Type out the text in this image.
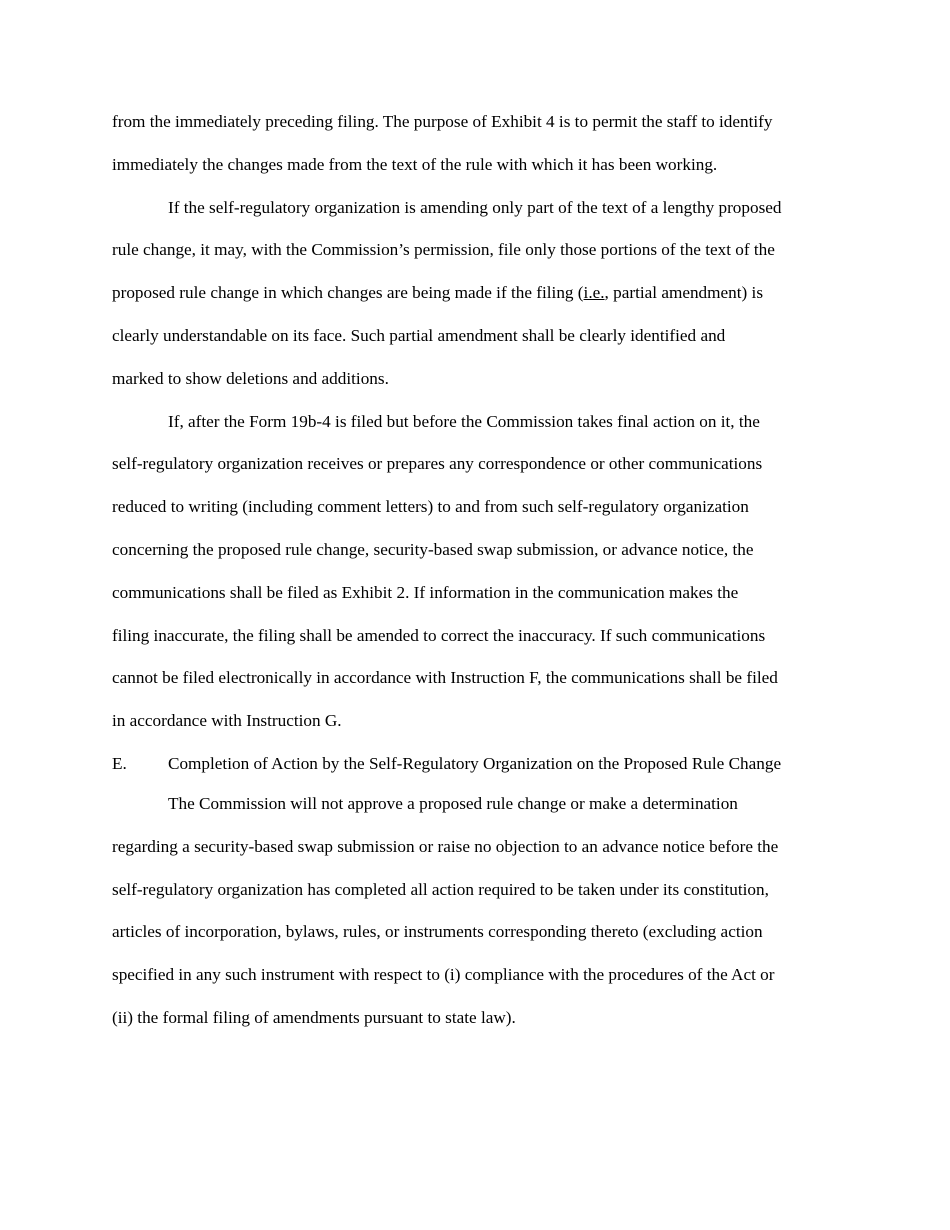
from the immediately preceding filing. The purpose of Exhibit 4 is to permit the staff to identify
immediately the changes made from the text of the rule with which it has been working.
If the self-regulatory organization is amending only part of the text of a lengthy proposed
rule change, it may, with the Commission’s permission, file only those portions of the text of the
proposed rule change in which changes are being made if the filing (i.e., partial amendment) is
clearly understandable on its face. Such partial amendment shall be clearly identified and
marked to show deletions and additions.
If, after the Form 19b-4 is filed but before the Commission takes final action on it, the
self-regulatory organization receives or prepares any correspondence or other communications
reduced to writing (including comment letters) to and from such self-regulatory organization
concerning the proposed rule change, security-based swap submission, or advance notice, the
communications shall be filed as Exhibit 2. If information in the communication makes the
filing inaccurate, the filing shall be amended to correct the inaccuracy. If such communications
cannot be filed electronically in accordance with Instruction F, the communications shall be filed
in accordance with Instruction G.
E. Completion of Action by the Self-Regulatory Organization on the Proposed Rule Change
The Commission will not approve a proposed rule change or make a determination
regarding a security-based swap submission or raise no objection to an advance notice before the
self-regulatory organization has completed all action required to be taken under its constitution,
articles of incorporation, bylaws, rules, or instruments corresponding thereto (excluding action
specified in any such instrument with respect to (i) compliance with the procedures of the Act or
(ii) the formal filing of amendments pursuant to state law).
